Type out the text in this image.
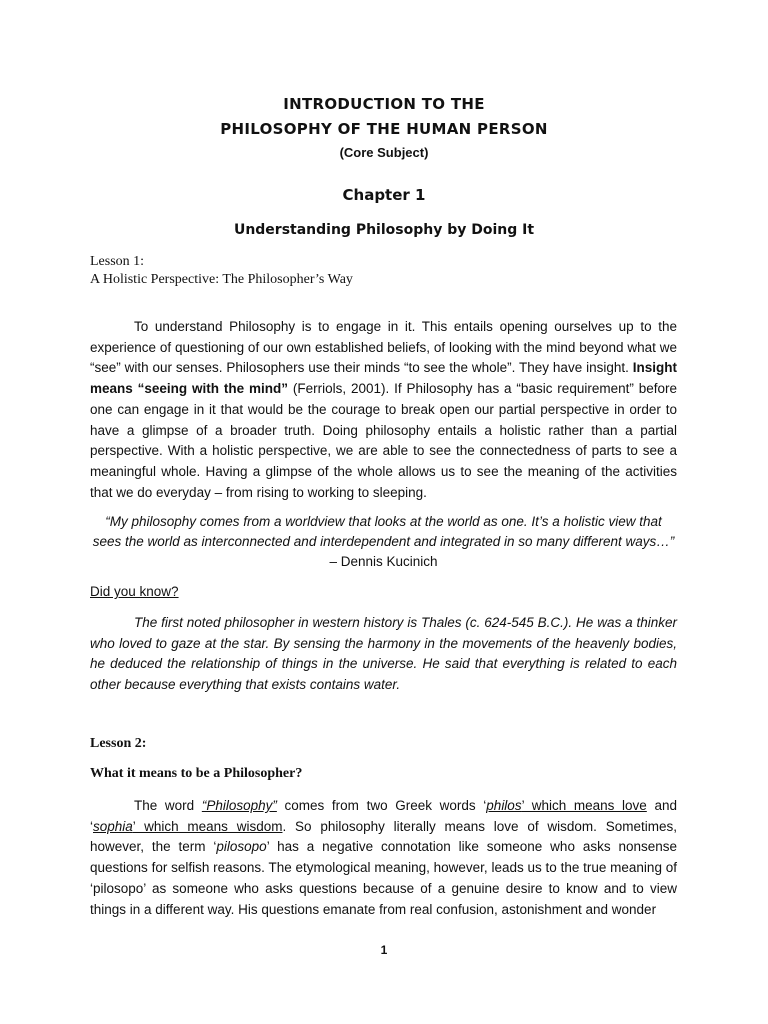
INTRODUCTION TO THE
PHILOSOPHY OF THE HUMAN PERSON
(Core Subject)
Chapter 1
Understanding Philosophy by Doing It
Lesson 1:
A Holistic Perspective: The Philosopher’s Way

To understand Philosophy is to engage in it. This entails opening ourselves up to the experience of questioning of our own established beliefs, of looking with the mind beyond what we “see” with our senses. Philosophers use their minds “to see the whole”. They have insight. Insight means “seeing with the mind” (Ferriols, 2001). If Philosophy has a “basic requirement” before one can engage in it that would be the courage to break open our partial perspective in order to have a glimpse of a broader truth. Doing philosophy entails a holistic rather than a partial perspective. With a holistic perspective, we are able to see the connectedness of parts to see a meaningful whole. Having a glimpse of the whole allows us to see the meaning of the activities that we do everyday – from rising to working to sleeping.

“My philosophy comes from a worldview that looks at the world as one. It’s a holistic view that sees the world as interconnected and interdependent and integrated in so many different ways…” – Dennis Kucinich

Did you know?

The first noted philosopher in western history is Thales (c. 624-545 B.C.). He was a thinker who loved to gaze at the star. By sensing the harmony in the movements of the heavenly bodies, he deduced the relationship of things in the universe. He said that everything is related to each other because everything that exists contains water.

Lesson 2:

What it means to be a Philosopher?

The word “Philosophy” comes from two Greek words ‘philos’ which means love and ‘sophia’ which means wisdom. So philosophy literally means love of wisdom. Sometimes, however, the term ‘pilosopo’ has a negative connotation like someone who asks nonsense questions for selfish reasons. The etymological meaning, however, leads us to the true meaning of ‘pilosopo’ as someone who asks questions because of a genuine desire to know and to view things in a different way. His questions emanate from real confusion, astonishment and wonder

1
